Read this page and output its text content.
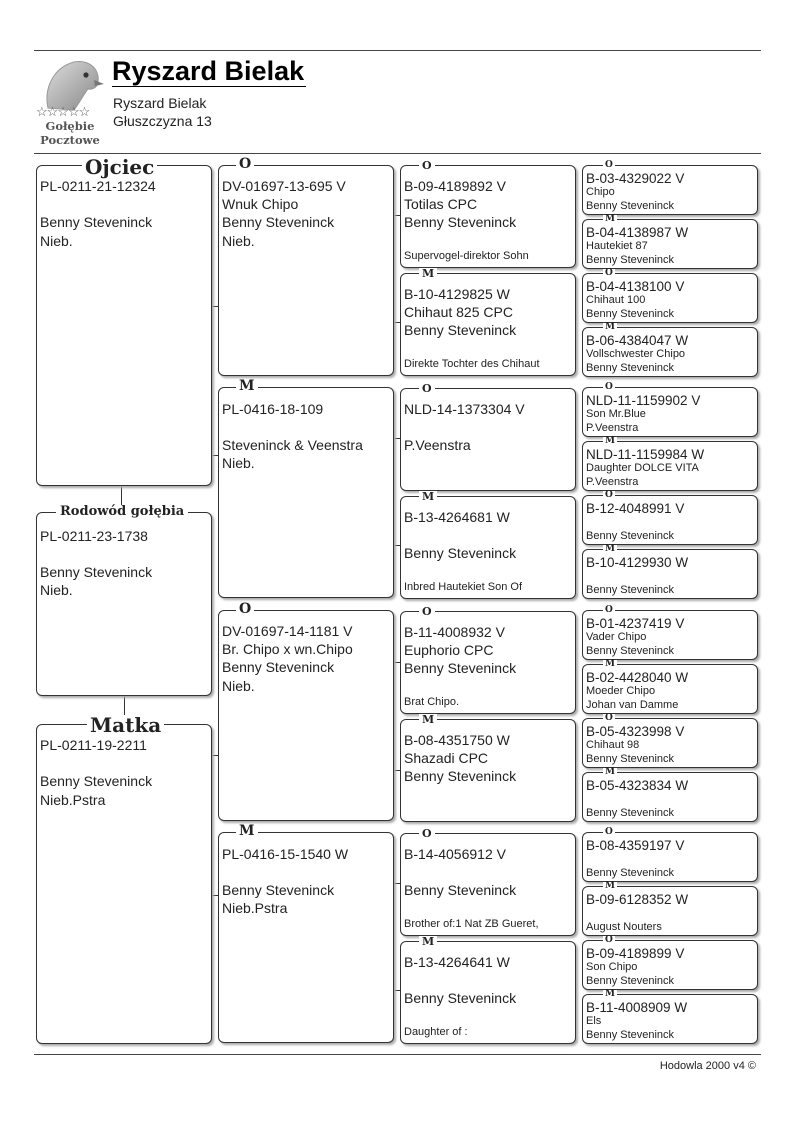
☆☆☆☆☆
Gołębie
Pocztowe
Ryszard Bielak
Ryszard Bielak
Głuszczyzna 13
PL-0211-21-12324
Benny Steveninck
Nieb.
Ojciec
PL-0211-23-1738
Benny Steveninck
Nieb.
Rodowód gołębia
PL-0211-19-2211
Benny Steveninck
Nieb.Pstra
Matka
DV-01697-13-695 V
Wnuk Chipo
Benny Steveninck
Nieb.
O
PL-0416-18-109
Steveninck & Veenstra
Nieb.
M
DV-01697-14-1181 V
Br. Chipo x wn.Chipo
Benny Steveninck
Nieb.
O
PL-0416-15-1540 W
Benny Steveninck
Nieb.Pstra
M
B-09-4189892 V
Totilas CPC
Benny Steveninck
Supervogel-direktor Sohn
O
B-10-4129825 W
Chihaut 825 CPC
Benny Steveninck
Direkte Tochter des Chihaut
M
NLD-14-1373304 V
P.Veenstra
O
B-13-4264681 W
Benny Steveninck
Inbred Hautekiet Son Of
M
B-11-4008932 V
Euphorio CPC
Benny Steveninck
Brat Chipo.
O
B-08-4351750 W
Shazadi CPC
Benny Steveninck
M
B-14-4056912 V
Benny Steveninck
Brother of:1 Nat ZB Gueret,
O
B-13-4264641 W
Benny Steveninck
Daughter of :
M
B-03-4329022 V
Chipo
Benny Steveninck
O
B-04-4138987 W
Hautekiet 87
Benny Steveninck
M
B-04-4138100 V
Chihaut 100
Benny Steveninck
O
B-06-4384047 W
Vollschwester Chipo
Benny Steveninck
M
NLD-11-1159902 V
Son Mr.Blue
P.Veenstra
O
NLD-11-1159984 W
Daughter DOLCE VITA
P.Veenstra
M
B-12-4048991 V
Benny Steveninck
O
B-10-4129930 W
Benny Steveninck
M
B-01-4237419 V
Vader Chipo
Benny Steveninck
O
B-02-4428040 W
Moeder Chipo
Johan van Damme
M
B-05-4323998 V
Chihaut 98
Benny Steveninck
O
B-05-4323834 W
Benny Steveninck
M
B-08-4359197 V
Benny Steveninck
O
B-09-6128352 W
August Nouters
M
B-09-4189899 V
Son Chipo
Benny Steveninck
O
B-11-4008909 W
Els
Benny Steveninck
M
Hodowla 2000 v4 ©
